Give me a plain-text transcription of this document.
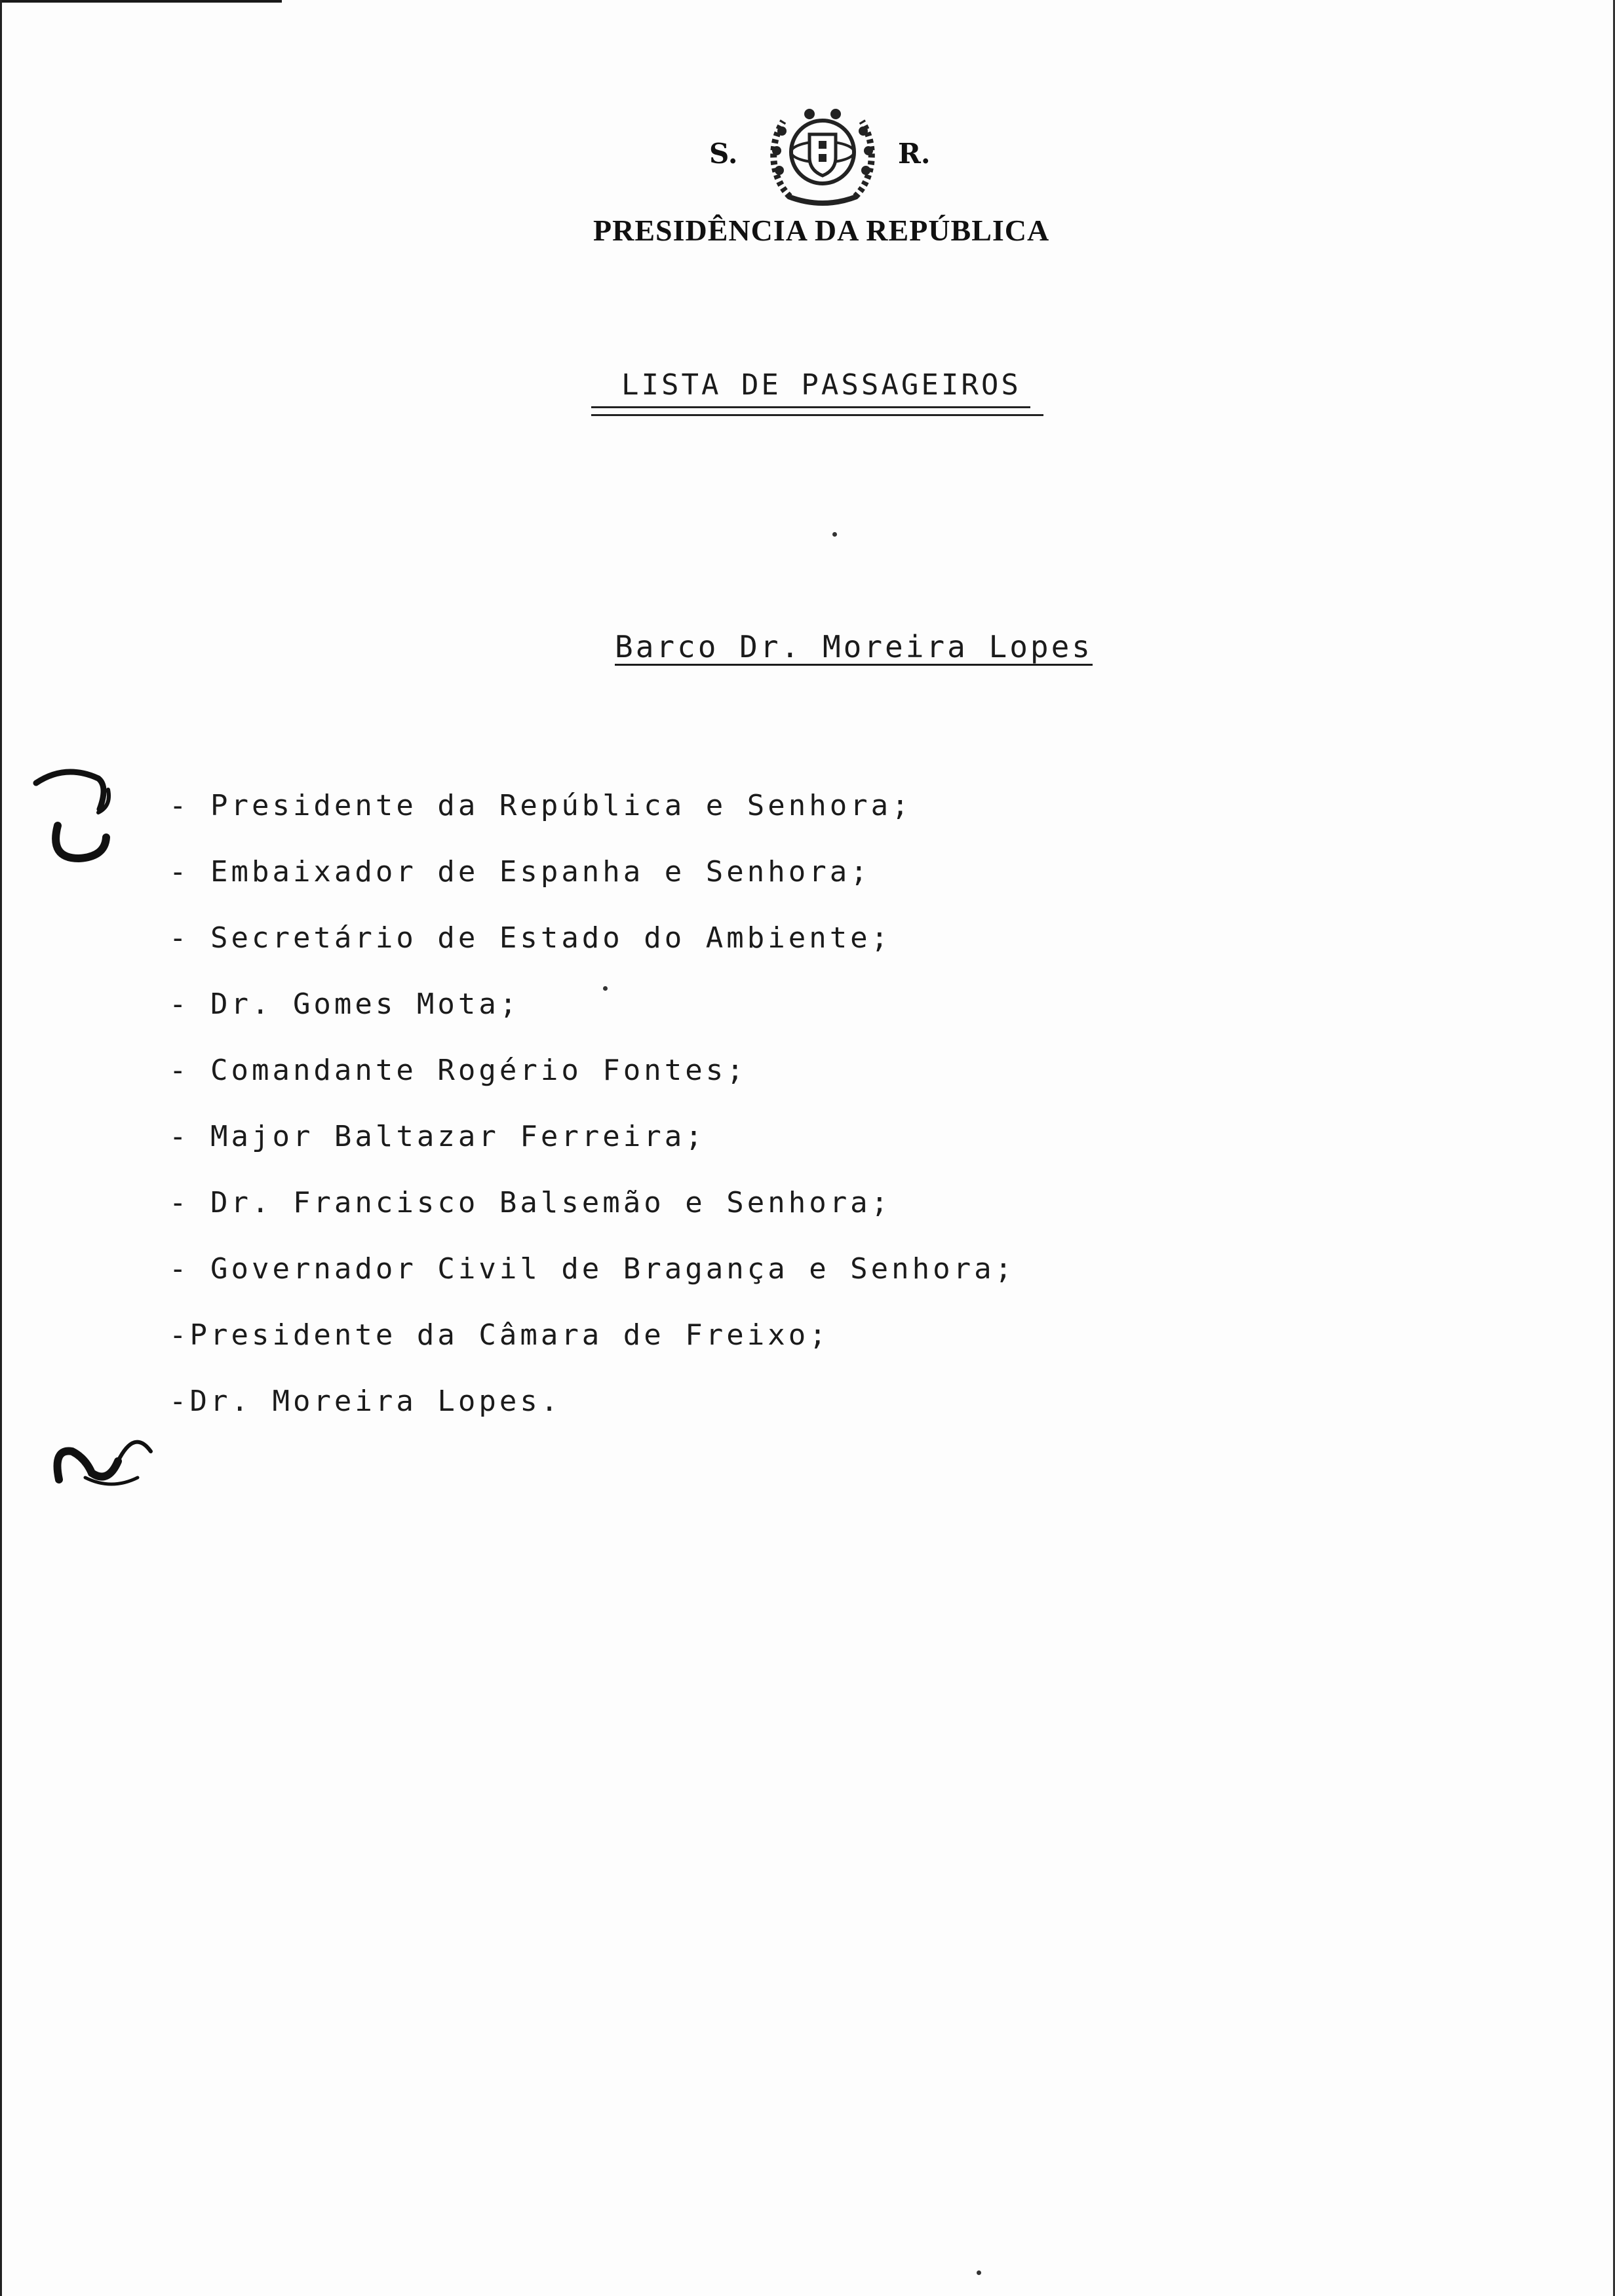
S.	R.
PRESIDÊNCIA DA REPÚBLICA
LISTA DE PASSAGEIROS
Barco Dr. Moreira Lopes
- Presidente da República e Senhora;
- Embaixador de Espanha e Senhora;
- Secretário de Estado do Ambiente;
- Dr. Gomes Mota;
- Comandante Rogério Fontes;
- Major Baltazar Ferreira;
- Dr. Francisco Balsemão e Senhora;
- Governador Civil de Bragança e Senhora;
-Presidente da Câmara de Freixo;
-Dr. Moreira Lopes.
